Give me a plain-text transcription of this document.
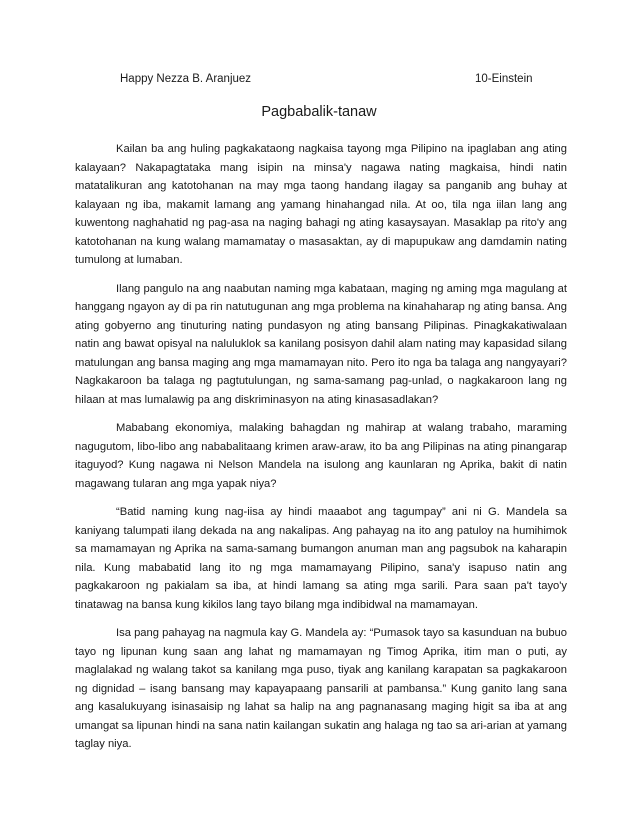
Happy Nezza B. Aranjuez	10-Einstein
Pagbabalik-tanaw

Kailan ba ang huling pagkakataong nagkaisa tayong mga Pilipino na ipaglaban ang ating kalayaan? Nakapagtataka mang isipin na minsa'y nagawa nating magkaisa, hindi natin matatalikuran ang katotohanan na may mga taong handang ilagay sa panganib ang buhay at kalayaan ng iba, makamit lamang ang yamang hinahangad nila. At oo, tila nga iilan lang ang kuwentong naghahatid ng pag-asa na naging bahagi ng ating kasaysayan. Masaklap pa rito'y ang katotohanan na kung walang mamamatay o masasaktan, ay di mapupukaw ang damdamin nating tumulong at lumaban.

Ilang pangulo na ang naabutan naming mga kabataan, maging ng aming mga magulang at hanggang ngayon ay di pa rin natutugunan ang mga problema na kinahaharap ng ating bansa. Ang ating gobyerno ang tinuturing nating pundasyon ng ating bansang Pilipinas. Pinagkakatiwalaan natin ang bawat opisyal na naluluklok sa kanilang posisyon dahil alam nating may kapasidad silang matulungan ang bansa maging ang mga mamamayan nito. Pero ito nga ba talaga ang nangyayari? Nagkakaroon ba talaga ng pagtutulungan, ng sama-samang pag-unlad, o nagkakaroon lang ng hilaan at mas lumalawig pa ang diskriminasyon na ating kinasasadlakan?

Mababang ekonomiya, malaking bahagdan ng mahirap at walang trabaho, maraming nagugutom, libo-libo ang nababalitaang krimen araw-araw, ito ba ang Pilipinas na ating pinangarap itaguyod? Kung nagawa ni Nelson Mandela na isulong ang kaunlaran ng Aprika, bakit di natin magawang tularan ang mga yapak niya?

“Batid naming kung nag-iisa ay hindi maaabot ang tagumpay” ani ni G. Mandela sa kaniyang talumpati ilang dekada na ang nakalipas. Ang pahayag na ito ang patuloy na humihimok sa mamamayan ng Aprika na sama-samang bumangon anuman man ang pagsubok na kaharapin nila. Kung mababatid lang ito ng mga mamamayang Pilipino, sana'y isapuso natin ang pagkakaroon ng pakialam sa iba, at hindi lamang sa ating mga sarili. Para saan pa't tayo'y tinatawag na bansa kung kikilos lang tayo bilang mga indibidwal na mamamayan.

Isa pang pahayag na nagmula kay G. Mandela ay: “Pumasok tayo sa kasunduan na bubuo tayo ng lipunan kung saan ang lahat ng mamamayan ng Timog Aprika, itim man o puti, ay maglalakad ng walang takot sa kanilang mga puso, tiyak ang kanilang karapatan sa pagkakaroon ng dignidad – isang bansang may kapayapaang pansarili at pambansa.” Kung ganito lang sana ang kasalukuyang isinasaisip ng lahat sa halip na ang pagnanasang maging higit sa iba at ang umangat sa lipunan hindi na sana natin kailangan sukatin ang halaga ng tao sa ari-arian at yamang taglay niya.
